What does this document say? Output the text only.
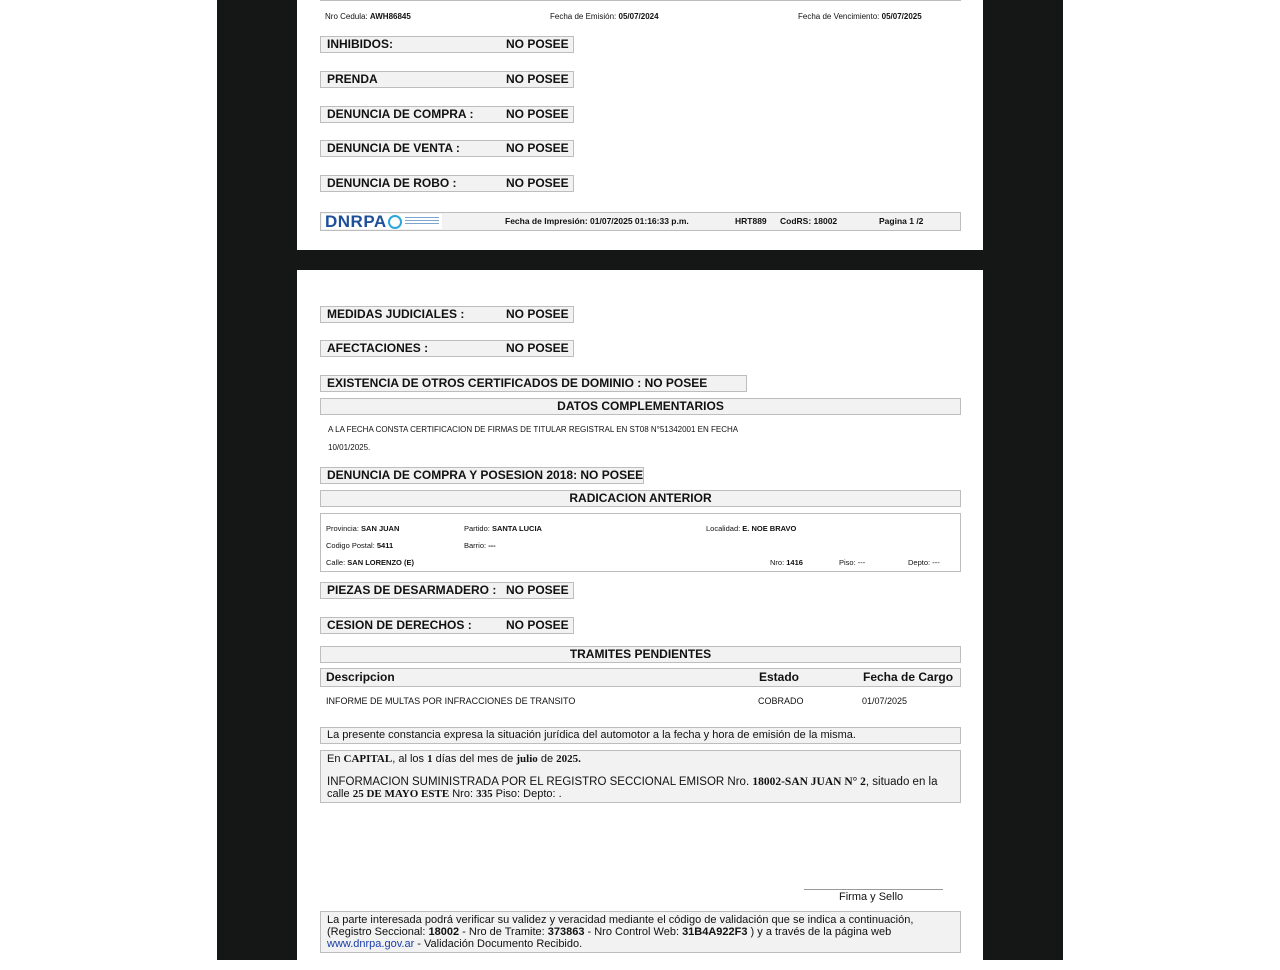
Nro Cedula: AWH86845	Fecha de Emisión: 05/07/2024	Fecha de Vencimiento: 05/07/2025
INHIBIDOS:	NO POSEE
PRENDA	NO POSEE
DENUNCIA DE COMPRA :	NO POSEE
DENUNCIA DE VENTA :	NO POSEE
DENUNCIA DE ROBO :	NO POSEE
DNRPA	Fecha de Impresión: 01/07/2025 01:16:33 p.m.	HRT889 CodRS: 18002	Pagina 1 /2
MEDIDAS JUDICIALES :	NO POSEE
AFECTACIONES :	NO POSEE
EXISTENCIA DE OTROS CERTIFICADOS DE DOMINIO : NO POSEE
DATOS COMPLEMENTARIOS
A LA FECHA CONSTA CERTIFICACION DE FIRMAS DE TITULAR REGISTRAL EN ST08 N°51342001 EN FECHA
10/01/2025.
DENUNCIA DE COMPRA Y POSESION 2018: NO POSEE
RADICACION ANTERIOR
Provincia: SAN JUAN	Partido: SANTA LUCIA	Localidad: E. NOE BRAVO
Codigo Postal: 5411	Barrio: ---
Calle: SAN LORENZO (E)	Nro: 1416	Piso: ---	Depto: ---
PIEZAS DE DESARMADERO : NO POSEE
CESION DE DERECHOS :	NO POSEE
TRAMITES PENDIENTES
Descripcion	Estado	Fecha de Cargo
INFORME DE MULTAS POR INFRACCIONES DE TRANSITO	COBRADO	01/07/2025
La presente constancia expresa la situación jurídica del automotor a la fecha y hora de emisión de la misma.
En CAPITAL, al los 1 días del mes de julio de 2025.
INFORMACION SUMINISTRADA POR EL REGISTRO SECCIONAL EMISOR Nro. 18002-SAN JUAN N° 2, situado en la
calle 25 DE MAYO ESTE Nro: 335 Piso: Depto: .
Firma y Sello
La parte interesada podrá verificar su validez y veracidad mediante el código de validación que se indica a continuación,
(Registro Seccional: 18002 - Nro de Tramite: 373863 - Nro Control Web: 31B4A922F3 ) y a través de la página web
www.dnrpa.gov.ar - Validación Documento Recibido.
